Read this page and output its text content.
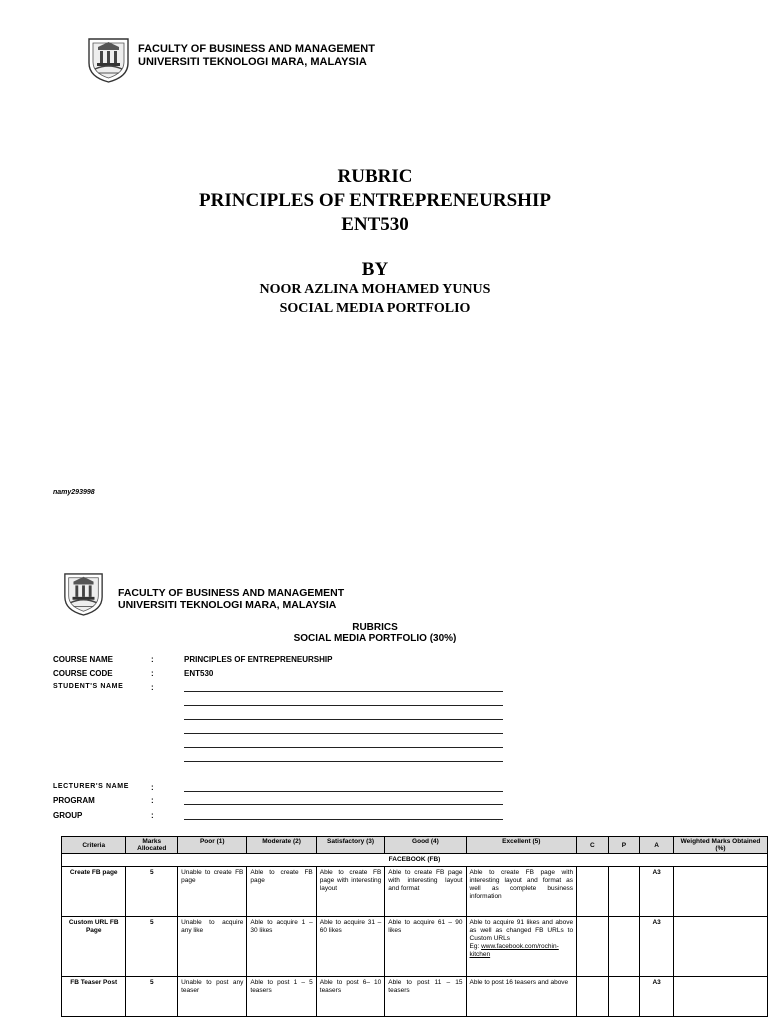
FACULTY OF BUSINESS AND MANAGEMENT
UNIVERSITI TEKNOLOGI MARA, MALAYSIA
RUBRIC
PRINCIPLES OF ENTREPRENEURSHIP
ENT530
BY
NOOR AZLINA MOHAMED YUNUS
SOCIAL MEDIA PORTFOLIO
namy293998
FACULTY OF BUSINESS AND MANAGEMENT
UNIVERSITI TEKNOLOGI MARA, MALAYSIA
RUBRICS
SOCIAL MEDIA PORTFOLIO (30%)
COURSE NAME	:	PRINCIPLES OF ENTREPRENEURSHIP
COURSE CODE	:	ENT530
STUDENT'S NAME	:
LECTURER'S NAME	:
PROGRAM	:
GROUP	:
Criteria	Marks Allocated	Poor (1)	Moderate (2)	Satisfactory (3)	Good (4)	Excellent (5)	C	P	A	Weighted Marks Obtained (%)
FACEBOOK (FB)										
Create FB page	5	Unable to create FB page	Able to create FB page	Able to create FB page with interesting layout	Able to create FB page with interesting layout and format	Able to create FB page with interesting layout and format as well as complete business information			A3	
Custom URL FB Page	5	Unable to acquire any like	Able to acquire 1 – 30 likes	Able to acquire 31 – 60 likes	Able to acquire 61 – 90 likes	Able to acquire 91 likes and above as well as changed FB URLs to Custom URLs
Eg: www.facebook.com/rochin-kitchen			A3	
FB Teaser Post	5	Unable to post any teaser	Able to post 1 – 5 teasers	Able to post 6– 10 teasers	Able to post 11 – 15 teasers	Able to post 16 teasers and above			A3	
